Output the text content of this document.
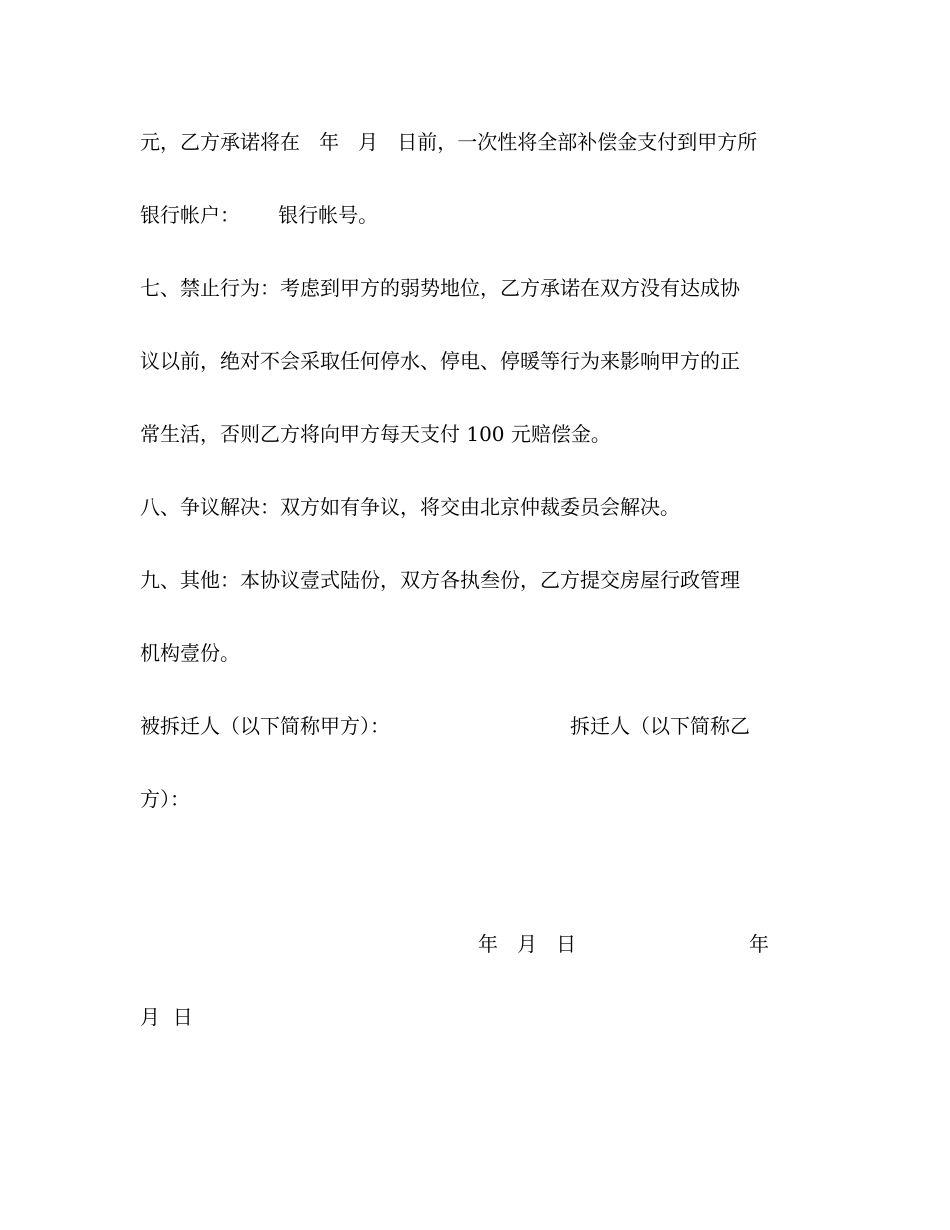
元，乙方承诺将在   年   月   日前，一次性将全部补偿金支付到甲方所
银行帐户：      银行帐号。
七、禁止行为：考虑到甲方的弱势地位，乙方承诺在双方没有达成协
议以前，绝对不会采取任何停水、停电、停暖等行为来影响甲方的正
常生活，否则乙方将向甲方每天支付 100 元赔偿金。
八、争议解决：双方如有争议，将交由北京仲裁委员会解决。
九、其他：本协议壹式陆份，双方各执叁份，乙方提交房屋行政管理
机构壹份。
被拆迁人（以下简称甲方）：	拆迁人（以下简称乙
方）：
年   月   日	年
月  日
